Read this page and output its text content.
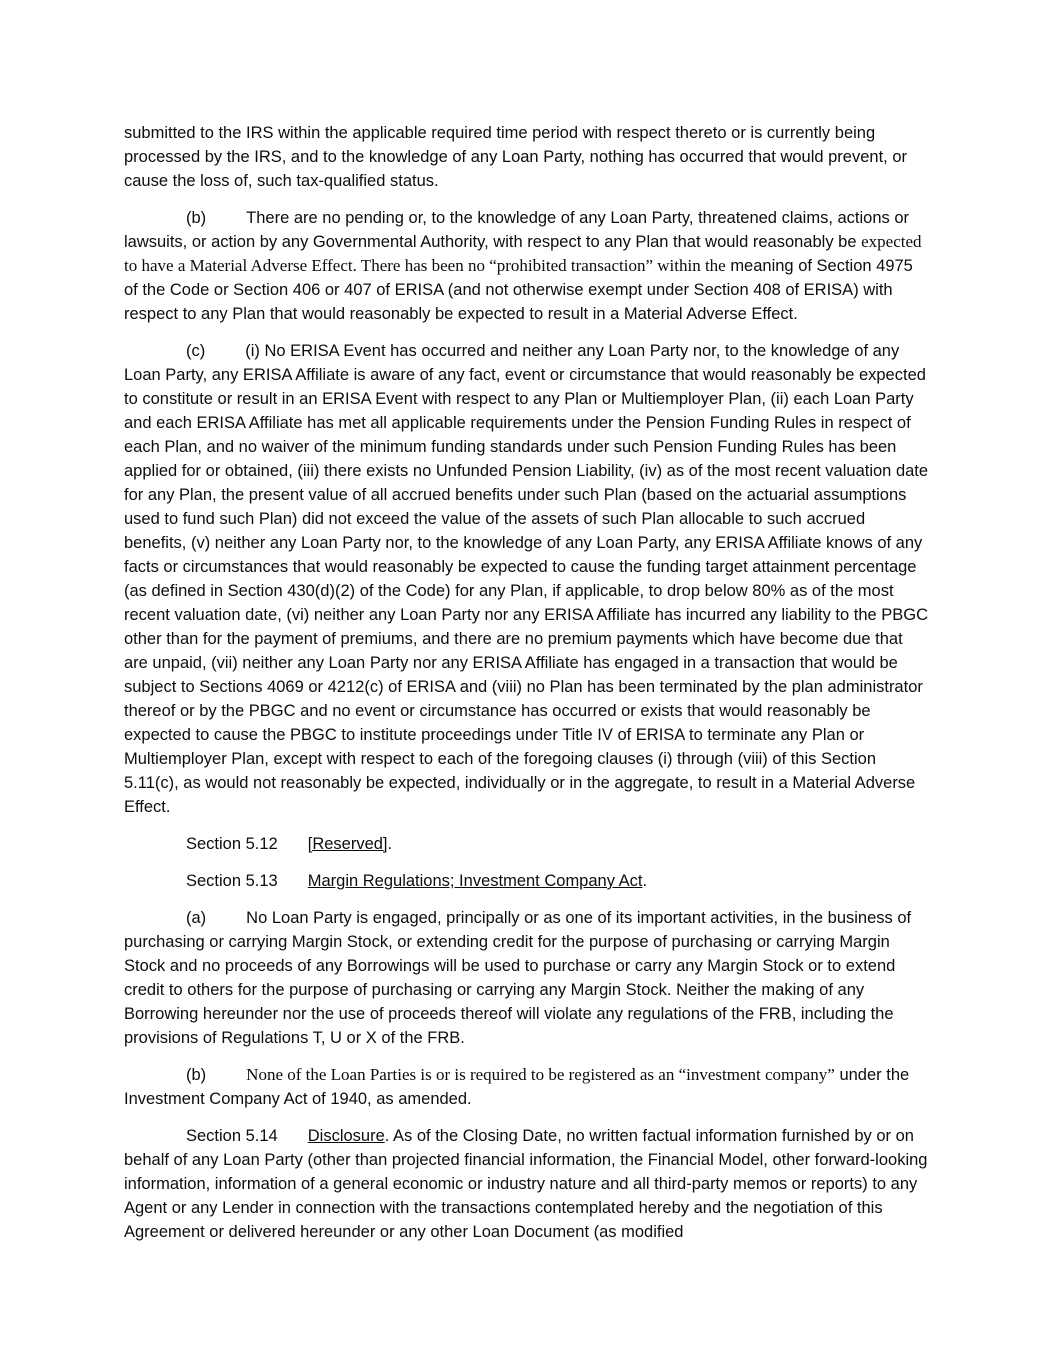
submitted to the IRS within the applicable required time period with respect thereto or is currently being processed by the IRS, and to the knowledge of any Loan Party, nothing has occurred that would prevent, or cause the loss of, such tax-qualified status.

(b) There are no pending or, to the knowledge of any Loan Party, threatened claims, actions or lawsuits, or action by any Governmental Authority, with respect to any Plan that would reasonably be expected to have a Material Adverse Effect. There has been no “prohibited transaction” within the meaning of Section 4975 of the Code or Section 406 or 407 of ERISA (and not otherwise exempt under Section 408 of ERISA) with respect to any Plan that would reasonably be expected to result in a Material Adverse Effect.

(c) (i) No ERISA Event has occurred and neither any Loan Party nor, to the knowledge of any Loan Party, any ERISA Affiliate is aware of any fact, event or circumstance that would reasonably be expected to constitute or result in an ERISA Event with respect to any Plan or Multiemployer Plan, (ii) each Loan Party and each ERISA Affiliate has met all applicable requirements under the Pension Funding Rules in respect of each Plan, and no waiver of the minimum funding standards under such Pension Funding Rules has been applied for or obtained, (iii) there exists no Unfunded Pension Liability, (iv) as of the most recent valuation date for any Plan, the present value of all accrued benefits under such Plan (based on the actuarial assumptions used to fund such Plan) did not exceed the value of the assets of such Plan allocable to such accrued benefits, (v) neither any Loan Party nor, to the knowledge of any Loan Party, any ERISA Affiliate knows of any facts or circumstances that would reasonably be expected to cause the funding target attainment percentage (as defined in Section 430(d)(2) of the Code) for any Plan, if applicable, to drop below 80% as of the most recent valuation date, (vi) neither any Loan Party nor any ERISA Affiliate has incurred any liability to the PBGC other than for the payment of premiums, and there are no premium payments which have become due that are unpaid, (vii) neither any Loan Party nor any ERISA Affiliate has engaged in a transaction that would be subject to Sections 4069 or 4212(c) of ERISA and (viii) no Plan has been terminated by the plan administrator thereof or by the PBGC and no event or circumstance has occurred or exists that would reasonably be expected to cause the PBGC to institute proceedings under Title IV of ERISA to terminate any Plan or Multiemployer Plan, except with respect to each of the foregoing clauses (i) through (viii) of this Section 5.11(c), as would not reasonably be expected, individually or in the aggregate, to result in a Material Adverse Effect.

Section 5.12 [Reserved].

Section 5.13 Margin Regulations; Investment Company Act.

(a) No Loan Party is engaged, principally or as one of its important activities, in the business of purchasing or carrying Margin Stock, or extending credit for the purpose of purchasing or carrying Margin Stock and no proceeds of any Borrowings will be used to purchase or carry any Margin Stock or to extend credit to others for the purpose of purchasing or carrying any Margin Stock. Neither the making of any Borrowing hereunder nor the use of proceeds thereof will violate any regulations of the FRB, including the provisions of Regulations T, U or X of the FRB.

(b) None of the Loan Parties is or is required to be registered as an “investment company” under the Investment Company Act of 1940, as amended.

Section 5.14 Disclosure. As of the Closing Date, no written factual information furnished by or on behalf of any Loan Party (other than projected financial information, the Financial Model, other forward-looking information, information of a general economic or industry nature and all third-party memos or reports) to any Agent or any Lender in connection with the transactions contemplated hereby and the negotiation of this Agreement or delivered hereunder or any other Loan Document (as modified
